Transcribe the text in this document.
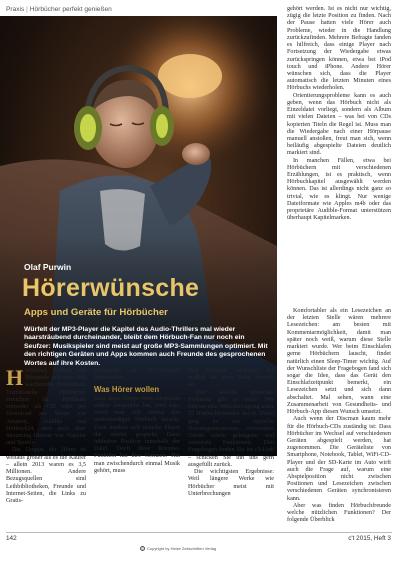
Praxis | Hörbücher perfekt genießen
Olaf Purwin
Hörerwünsche
Apps und Geräte für Hörbücher
Würfelt der MP3-Player die Kapitel des Audio-Thrillers mal wieder haarsträubend durcheinander, bleibt dem Hörbuch-Fan nur noch ein Seufzer: Musikspieler sind meist auf große MP3-Sammlungen optimiert. Mit den richtigen Geräten und Apps kommen auch Freunde des gesprochenen Wortes auf ihre Kosten.

gehört werden. Ist es nicht nur wichtig, zügig die letzte Position zu finden. Nach der Pause hatten viele Hörer auch Probleme, wieder in die Handlung zurückzufinden. Mehrere Befragte fanden es hilfreich, dass einige Player nach Fortsetzung der Wiedergabe etwas zurückspringen können, etwa bei iPod touch und iPhone. Andere Hörer wünschen sich, dass die Player automatisch die letzten Minuten eines Hörbuchs wiederholen.

Orientierungsprobleme kann es auch geben, wenn das Hörbuch nicht als Einzeldatei vorliegt, sondern als Album mit vielen Dateien – was bei von CDs kopierten Titeln die Regel ist. Muss man die Wiedergabe nach einer Hörpause manuell anstoßen, freut man sich, wenn beiläufig abgespielte Dateien deutlich markiert sind.

In manchen Fällen, etwa bei Hörbüchern mit verschiedenen Erzählungen, ist es praktisch, wenn Hörbuchkapitel ausgewählt werden können. Das ist allerdings nicht ganz so trivial, wie es klingt. Nur wenige Dateiformate wie Apples m4b oder das proprietäre Audible-Format unterstützen überhaupt Kapitelmarken.

Komfortabler als ein Lesezeichen an der letzten Stelle wären mehrere Lesezeichen: am besten mit Kommentarmöglichkeit, damit man später noch weiß, warum diese Stelle markiert wurde. Wer beim Einschlafen gerne Hörbüchern lauscht, findet natürlich einen Sleep-Timer wichtig. Auf der Wunschliste der Fragebogen fand sich sogar die Idee, dass das Gerät den Einschlafzeitpunkt bemerkt, ein Lesezeichen setzt und sich dann abschaltet. Mal sehen, wann eine Zusammenarbeit von Gesundheits- und Hörbuch-App diesen Wunsch umsetzt.

Auch wenn der Discman kaum mehr für die Hörbuch-CDs zuständig ist: Dass Hörbücher im Wechsel auf verschiedenen Geräten abgespielt werden, hat zugenommen. Die Geräteliste von Smartphone, Notebook, Tablet, WiFi-CD-Player und der SD-Karte im Auto wirft auch die Frage auf, warum eine Abspielposition nicht zwischen Positionen und Lesezeichen zwischen verschiedenen Geräten synchronisieren kann.

Aber was finden Hörbuchfreunde welche nützlichen Funktionen? Der folgende Überblick

Hörbücher, Podcast und Hörspiele erfreuen sich wachsender Beliebtheit. Traditionelle Hörbücher erreichen ihr Publikum entweder als CD oder per Download aus Shops wie Amazon, Audible und Hörbuch24, aber auch über Streaming-Dienste wie Napster und Spotify.

Die Gruppe der Hörer ist weitaus größer als es die Käufer – allein 2013 waren es 3,5 Millionen. Andere Bezugsquellen sind Leihbibliotheken, Freunde und Internet-Seiten, die Links zu Gratis-

Hörspielen als MP3-Dateien bereitstellen.

Was Hörer wollen

Dass diese Gruppe beim Abspielen andere Ansprüche hat, wird klar, wenn man sich einmal den mehrstündigen Hörbuch lauscht. Zwar merken sich manche Player die zuletzt gespielte Datei inklusive Position innerhalb der Datei. Doch diese Resume-Funktion hat ihre Grenzen: Hat man zwischendurch einmal Musik gehört, muss

man mühsam vorspulen, bis endlich die letzte Stelle erreicht ist.

Aber welche typischen Probleme gibt es noch? Wir führten eine Mini-Befragung unter 25 Hörbuchfreunden durch. Dabei ging es um typische Nutzungssituationen, verwendete Geräte sowie gelungene und vermisste Funktionen. Den Fragebogen finden Sie im c't-Link – schicken Sie ihn uns gern ausgefüllt zurück.

Die wichtigsten Ergebnisse: Weil längere Werke wie Hörbücher meist mit Unterbrechungen

142	c't 2015, Heft 3
© Copyright by Heise Zeitschriften Verlag
